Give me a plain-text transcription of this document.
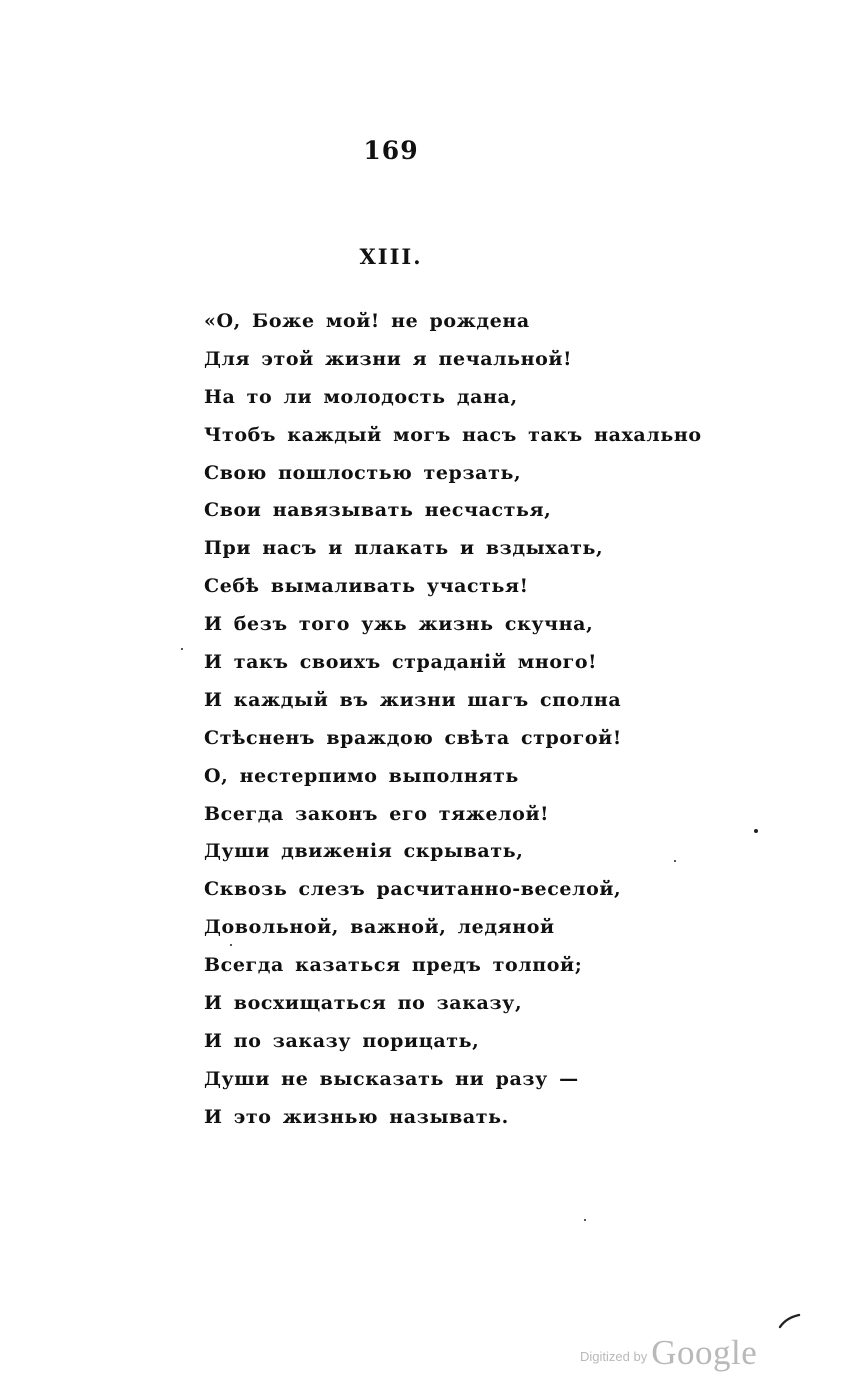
169
XIII.
«О, Боже мой! не рождена
Для этой жизни я печальной!
На то ли молодость дана,
Чтобъ каждый могъ насъ такъ нахально
Свою пошлостью терзать,
Свои навязывать несчастья,
При насъ и плакать и вздыхать,
Себѣ вымаливать участья!
И безъ того ужь жизнь скучна,
И такъ своихъ страданій много!
И каждый въ жизни шагъ сполна
Стѣсненъ враждою свѣта строгой!
О, нестерпимо выполнять
Всегда законъ его тяжелой!
Души движенія скрывать,
Сквозь слезъ расчитанно-веселой,
Довольной, важной, ледяной
Всегда казаться предъ толпой;
И восхищаться по заказу,
И по заказу порицать,
Души не высказать ни разу —
И это жизнью называть.
Digitized by Google
